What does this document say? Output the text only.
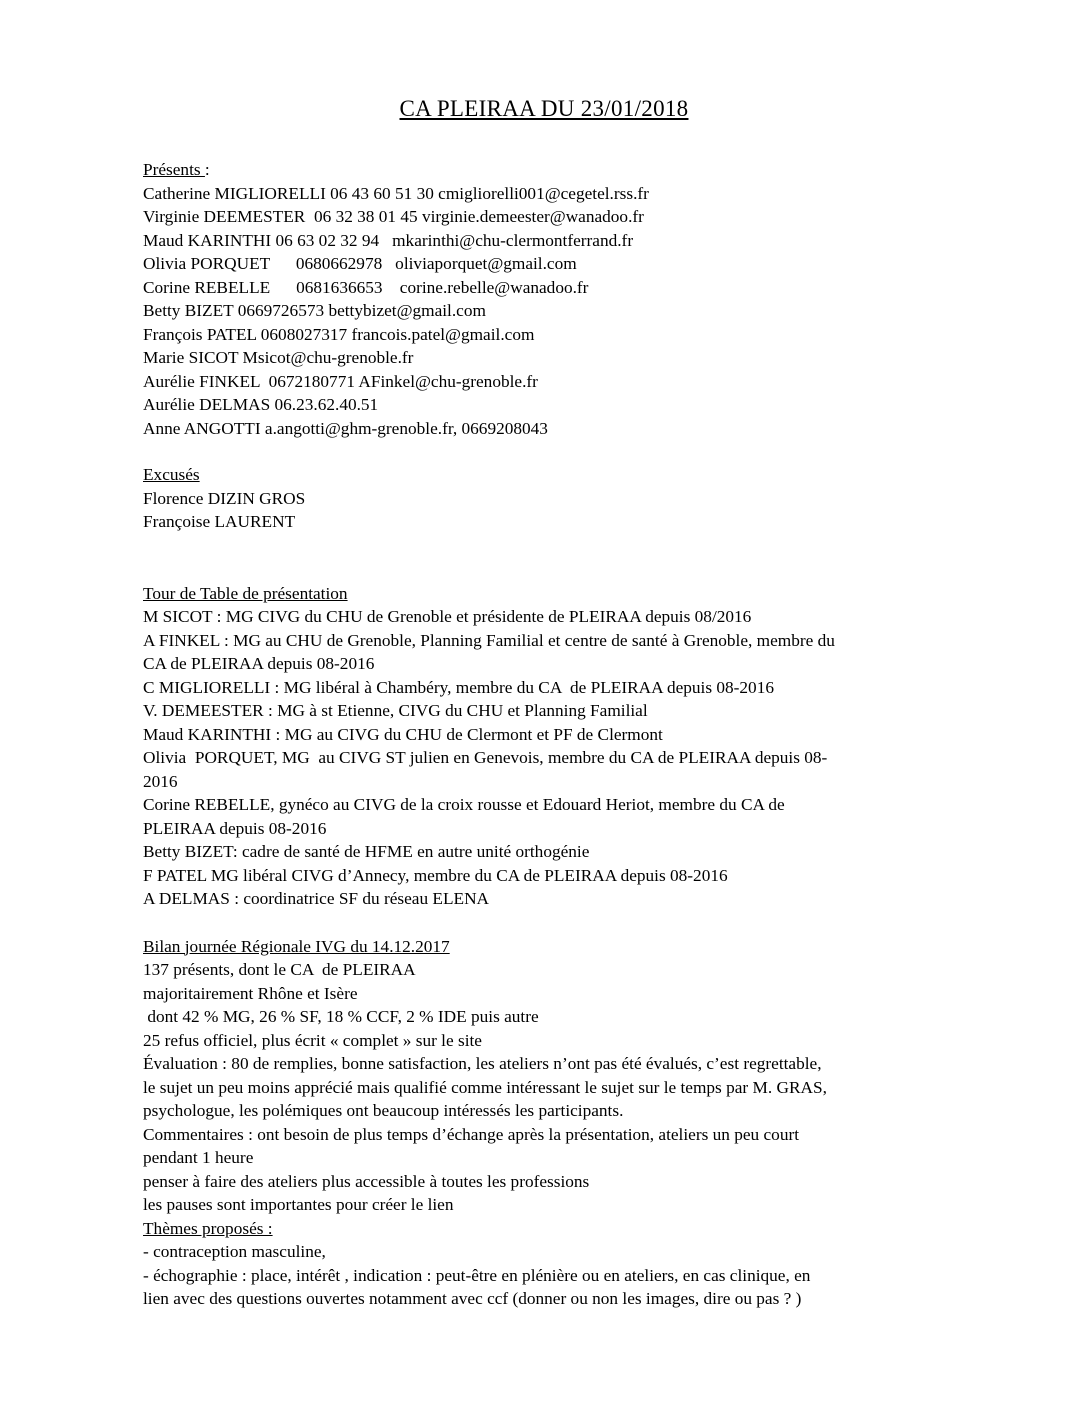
CA PLEIRAA DU 23/01/2018
Présents :
Catherine MIGLIORELLI 06 43 60 51 30 cmigliorelli001@cegetel.rss.fr
Virginie DEEMESTER  06 32 38 01 45 virginie.demeester@wanadoo.fr
Maud KARINTHI 06 63 02 32 94   mkarinthi@chu-clermontferrand.fr
Olivia PORQUET      0680662978   oliviaporquet@gmail.com
Corine REBELLE      0681636653    corine.rebelle@wanadoo.fr
Betty BIZET 0669726573 bettybizet@gmail.com
François PATEL 0608027317 francois.patel@gmail.com
Marie SICOT Msicot@chu-grenoble.fr
Aurélie FINKEL  0672180771 AFinkel@chu-grenoble.fr
Aurélie DELMAS 06.23.62.40.51
Anne ANGOTTI a.angotti@ghm-grenoble.fr, 0669208043
Excusés
Florence DIZIN GROS
Françoise LAURENT
Tour de Table de présentation
M SICOT : MG CIVG du CHU de Grenoble et présidente de PLEIRAA depuis 08/2016
A FINKEL : MG au CHU de Grenoble, Planning Familial et centre de santé à Grenoble, membre du
CA de PLEIRAA depuis 08-2016
C MIGLIORELLI : MG libéral à Chambéry, membre du CA  de PLEIRAA depuis 08-2016
V. DEMEESTER : MG à st Etienne, CIVG du CHU et Planning Familial
Maud KARINTHI : MG au CIVG du CHU de Clermont et PF de Clermont
Olivia  PORQUET, MG  au CIVG ST julien en Genevois, membre du CA de PLEIRAA depuis 08-
2016
Corine REBELLE, gynéco au CIVG de la croix rousse et Edouard Heriot, membre du CA de
PLEIRAA depuis 08-2016
Betty BIZET: cadre de santé de HFME en autre unité orthogénie
F PATEL MG libéral CIVG d’Annecy, membre du CA de PLEIRAA depuis 08-2016
A DELMAS : coordinatrice SF du réseau ELENA
Bilan journée Régionale IVG du 14.12.2017
137 présents, dont le CA  de PLEIRAA
majoritairement Rhône et Isère
dont 42 % MG, 26 % SF, 18 % CCF, 2 % IDE puis autre
25 refus officiel, plus écrit « complet » sur le site
Évaluation : 80 de remplies, bonne satisfaction, les ateliers n’ont pas été évalués, c’est regrettable,
le sujet un peu moins apprécié mais qualifié comme intéressant le sujet sur le temps par M. GRAS,
psychologue, les polémiques ont beaucoup intéressés les participants.
Commentaires : ont besoin de plus temps d’échange après la présentation, ateliers un peu court
pendant 1 heure
penser à faire des ateliers plus accessible à toutes les professions
les pauses sont importantes pour créer le lien
Thèmes proposés :
- contraception masculine,
- échographie : place, intérêt , indication : peut-être en plénière ou en ateliers, en cas clinique, en
lien avec des questions ouvertes notamment avec ccf (donner ou non les images, dire ou pas ? )
